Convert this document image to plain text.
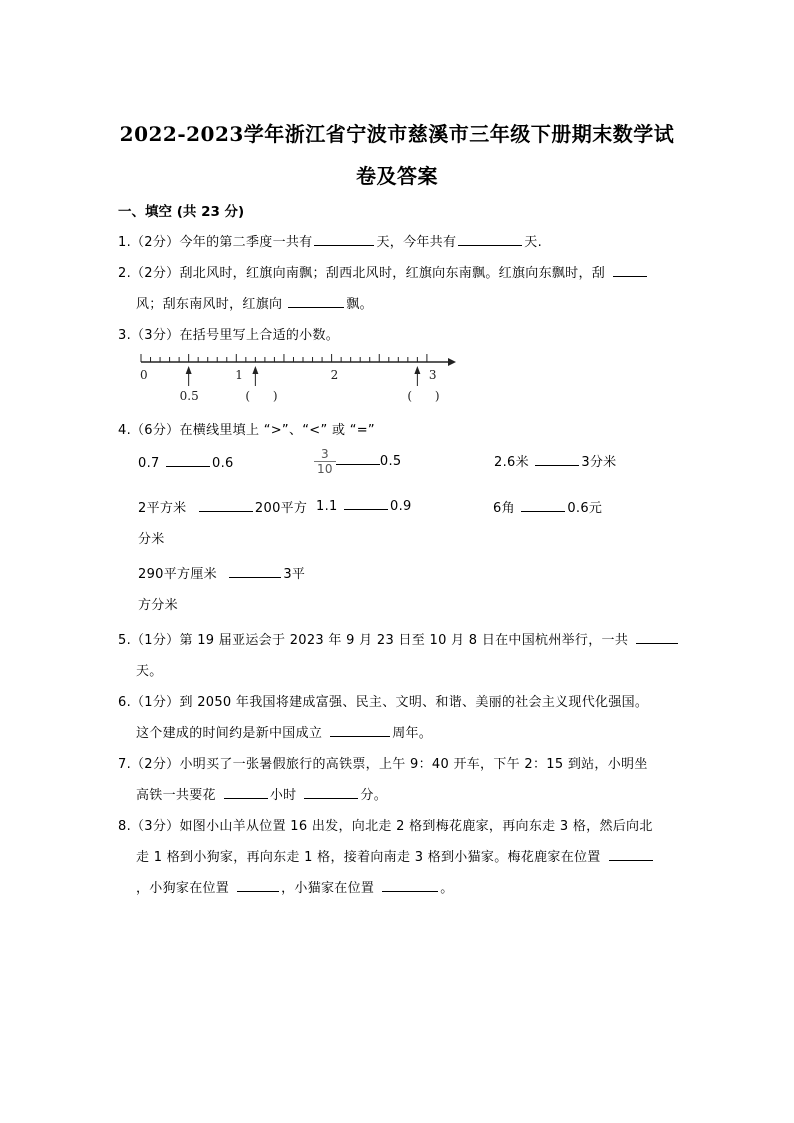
2022-2023学年浙江省宁波市慈溪市三年级下册期末数学试
卷及答案
一、填空 (共 23 分)
1.（2分）今年的第二季度一共有	天，今年共有	天.
2.（2分）刮北风时，红旗向南飘；刮西北风时，红旗向东南飘。红旗向东飘时，刮
风；刮东南风时，红旗向	飘。
3.（3分）在括号里写上合适的小数。
0	1	2	3
0.5	(      )	(      )
4.（6分）在横线里填上 “>”、“<” 或 “=”
0.7	0.6	$\frac{3}{10}$	0.5	2.6米	3分米
2平方米	200平方
分米
1.1	0.9	6角	0.6元
290平方厘米	3平
方分米
5.（1分）第 19 届亚运会于 2023 年 9 月 23 日至 10 月 8 日在中国杭州举行，一共
天。
6.（1分）到 2050 年我国将建成富强、民主、文明、和谐、美丽的社会主义现代化强国。
这个建成的时间约是新中国成立	周年。
7.（2分）小明买了一张暑假旅行的高铁票，上午 9：40 开车，下午 2：15 到站，小明坐
高铁一共要花	小时	分。
8.（3分）如图小山羊从位置 16 出发，向北走 2 格到梅花鹿家，再向东走 3 格，然后向北
走 1 格到小狗家，再向东走 1 格，接着向南走 3 格到小猫家。梅花鹿家在位置
，小狗家在位置	，小猫家在位置	。
